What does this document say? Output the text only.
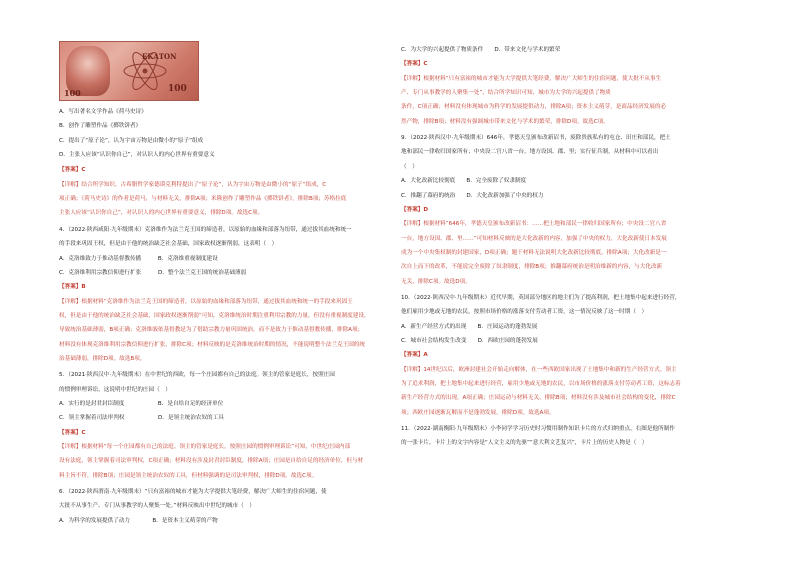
ΕΚΑΤΟΝ
100
100
A．写出著名文学作品《荷马史诗》
B．创作了雕塑作品《掷铁饼者》
C．提出了“原子论”，认为宇宙万物是由微小的“原子”组成
D．主张人应该“认识你自己”，对认识人的内心世界有重要意义
【答案】C
【详解】结合所学知识，古希腊哲学家德谟克利特提出了“原子论”，认为宇宙万物是由微小的“原子”组成，C
项正确；《荷马史诗》的作者是荷马，与材料无关，排除A项；米隆创作了雕塑作品《掷铁饼者》，排除B项；苏格拉底
主张人应该“认识你自己”，对认识人的内心世界有重要意义，排除D项。故选C项。
4．（2022·陕西咸阳·九年级期末）克洛维作为法兰克王国的缔造者，以原始的血缘和部落为纽带，通过拔其血统和统一
的手段来巩固王权，但是由于他的统治缺乏社会基础，国家政权逐渐削弱，这表明（　）
A．克洛维致力于推动基督教传播　　　B．克洛维重视制度建设
C．克洛维利用宗教信仰进行扩张　　　D．整个法兰克王国的统治基础薄弱
【答案】B
【详解】根据材料“克洛维作为法兰克王国的缔造者，以原始的血缘和部落为纽带，通过拔其血统和统一的手段来巩固王
权，但是由于他的统治缺乏社会基础，国家政权逐渐削弱”可知，克洛维统治时期注重利用宗教的力量，但没有重视制度建设，
导致统治基础薄弱，B项正确；克洛维皈依基督教是为了借助宗教力量巩固统治，而不是致力于推动基督教传播，排除A项；
材料没有体现克洛维利用宗教信仰进行扩张，排除C项；材料反映的是克洛维统治时期的情况，不能说明整个法兰克王国的统
治基础薄弱，排除D项。故选B项。
5．（2021·陕西汉中·九年级期末）在中世纪的西欧，每一个庄园都有自己的法庭。领主的管家是庭长，按照庄园
的惯例审理诉讼，这说明中世纪的庄园（　）
A．实行的是封君封臣制度　　　　　　B．是自给自足的经济单位
C．领主掌握着司法审判权　　　　　　D．是领主统治农奴的工具
【答案】C
【详解】根据材料“每一个庄园都有自己的法庭。领主的管家是庭长，按照庄园的惯例审理诉讼”可知，中世纪庄园内部
设有法庭，领主掌握着司法审判权，C项正确；材料没有涉及封君封臣制度，排除A项；庄园是自给自足的经济单位，但与材
料主旨不符，排除B项；庄园是领主统治农奴的工具，但材料强调的是司法审判权，排除D项。故选C项。
6．（2022·陕西渭南·九年级期末）“只有富裕的城市才能为大学提供大笔经费，解决广大师生的住宿问题，使
大批不从事生产、专门从事教学的人聚集一处。”材料反映出中世纪的城市（　）
A．为科学的发展提供了动力　　　　B．是资本主义萌芽的产物
C．为大学的兴起提供了物质条件　　D．带来文化与学术的繁荣
【答案】C
【详解】根据材料“只有富裕的城市才能为大学提供大笔经费，解决广大师生的住宿问题，使大批不从事生
产、专门从事教学的人聚集一处”，结合所学知识可知，城市为大学的兴起提供了物质
条件，C项正确；材料没有体现城市为科学的发展提供动力，排除A项；资本主义萌芽，是商品经济发展的必
然产物，排除B项；材料没有强调城市带来文化与学术的繁荣，排除D项。故选C项。
9．（2022·陕西汉中·九年级期末）646年，孝德天皇颁布改新诏书，废除贵族私有的屯仓、田庄和部民，把土
地和部民一律收归国家所有；中央设二官八省一台，地方设国、郡、里；实行征兵制。从材料中可以看出
（　）
A．大化改新比较彻底　　B．完全废除了奴隶制度
C．推翻了幕府的统治　　D．大化改新加强了中央的权力
【答案】D
【详解】根据材料“646年，孝德天皇颁布改新诏书：……把土地和部民一律收归国家所有；中央设二官八省
一台，地方设国、郡、里……”可知材料反映的是大化改新的内容，加强了中央的权力，大化改新使日本发展
成为一个中央集权制的封建国家，D项正确；题干材料无法说明大化改新比较彻底，排除A项；大化改新是一
次自上而下的改革，不能说完全废除了奴隶制度，排除B项；推翻幕府统治是明治维新的内容，与大化改新
无关，排除C项。故选D项。
10．（2022·陕西汉中·九年级期末）近代早期，英国部分地区的地主们为了提高利润，把土地集中起来进行经营，
他们雇用少地或无地的农民，按照市场价格的涨落支付劳动者工资。这一情况反映了这一时期（　）
A．新生产经营方式的出现　　B．庄园运动的蓬勃发展
C．城市社会结构发生改变　　D．西欧庄园的蓬勃发展
【答案】A
【详解】14世纪以后，欧洲封建社会开始走向解体，在一些西欧国家出现了土地集中和新的生产经营方式。领主
为了追求利润，把土地集中起来进行经营，雇用少地或无地的农民，以市场价格的涨落支付劳动者工资，这标志着
新生产经营方式的出现，A项正确；庄园运动与材料无关，排除B项；材料没有涉及城市社会结构的变化，排除C
项；西欧庄园逐渐瓦解而不是蓬勃发展，排除D项。故选A项。
11．（2022·湖南衡阳·九年级期末）小李同学学习历史时习惯用制作知识卡片的方式归纳重点，右图是他所制作
的一张卡片，卡片上的文字内容是“人文主义的先驱”“意大利文艺复兴”，卡片上的历史人物是（　）
